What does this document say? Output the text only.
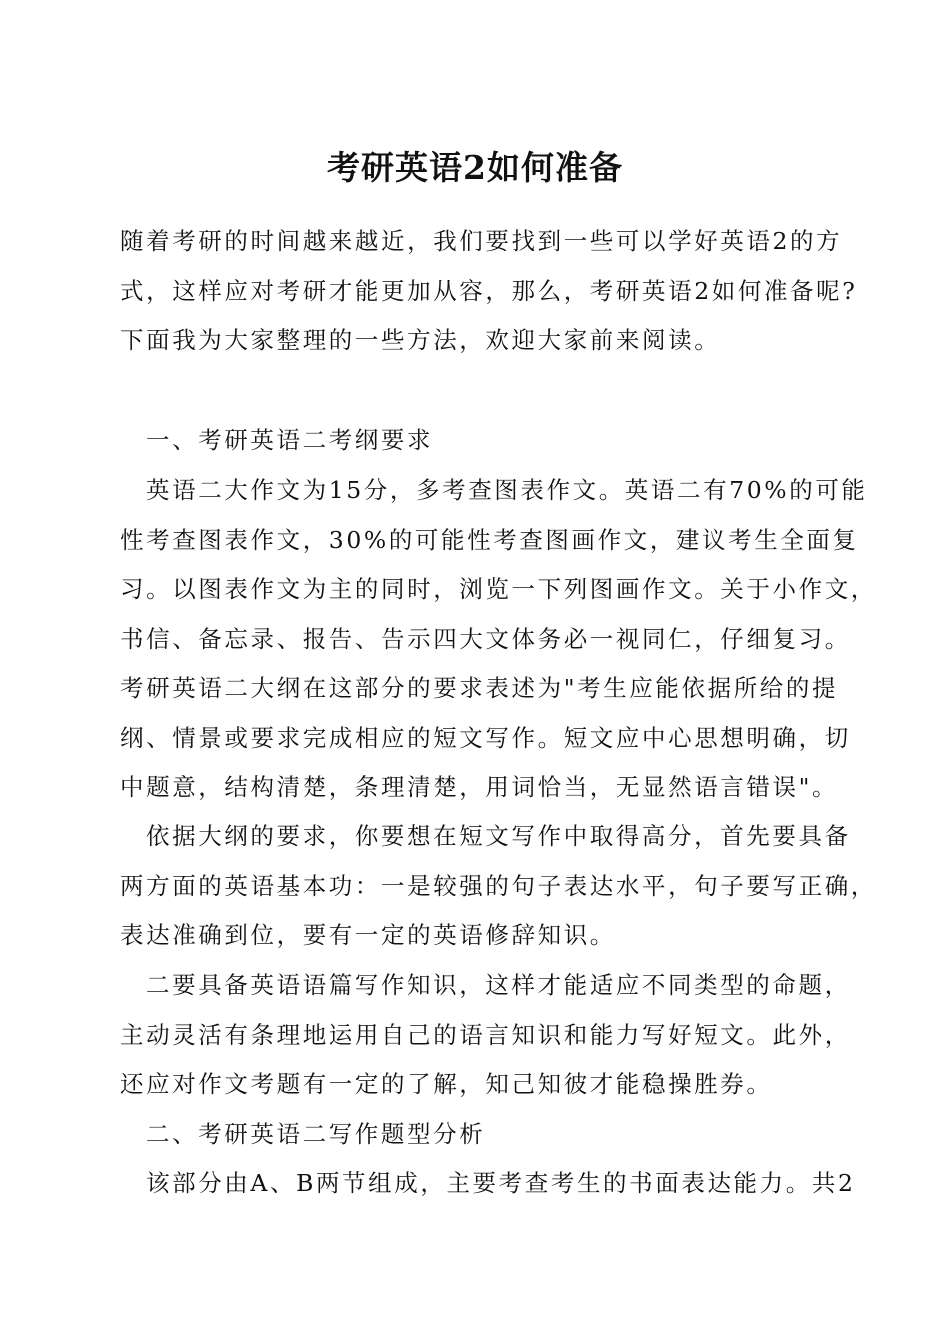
考研英语2如何准备
随着考研的时间越来越近，我们要找到一些可以学好英语2的方
式，这样应对考研才能更加从容，那么，考研英语2如何准备呢?
下面我为大家整理的一些方法，欢迎大家前来阅读。
一、考研英语二考纲要求
英语二大作文为15分，多考查图表作文。英语二有70%的可能
性考查图表作文，30%的可能性考查图画作文，建议考生全面复
习。以图表作文为主的同时，浏览一下列图画作文。关于小作文，
书信、备忘录、报告、告示四大文体务必一视同仁，仔细复习。
考研英语二大纲在这部分的要求表述为"考生应能依据所给的提
纲、情景或要求完成相应的短文写作。短文应中心思想明确，切
中题意，结构清楚，条理清楚，用词恰当，无显然语言错误"。
依据大纲的要求，你要想在短文写作中取得高分，首先要具备
两方面的英语基本功：一是较强的句子表达水平，句子要写正确，
表达准确到位，要有一定的英语修辞知识。
二要具备英语语篇写作知识，这样才能适应不同类型的命题，
主动灵活有条理地运用自己的语言知识和能力写好短文。此外，
还应对作文考题有一定的了解，知己知彼才能稳操胜券。
二、考研英语二写作题型分析
该部分由A、B两节组成，主要考查考生的书面表达能力。共2
